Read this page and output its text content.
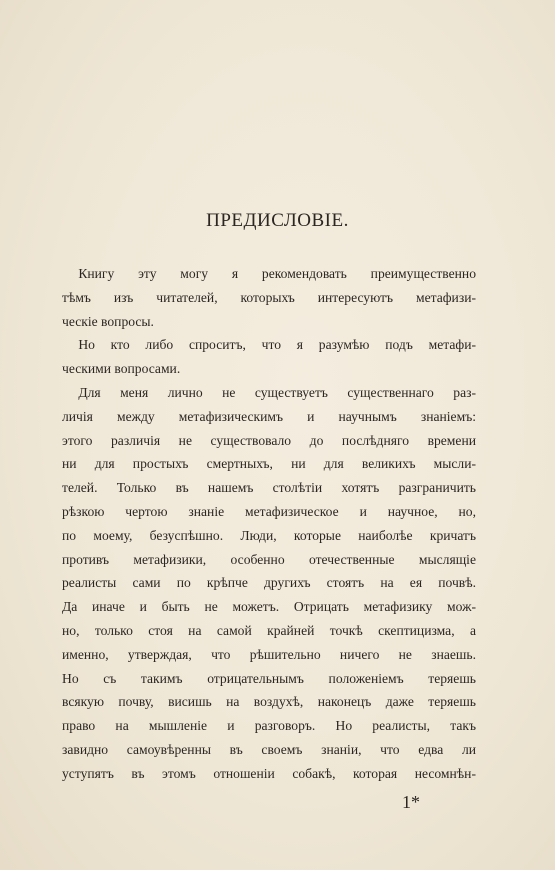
ПРЕДИСЛОВІЕ.
Книгу эту могу я рекомендовать преимущественно
тѣмъ изъ читателей, которыхъ интересуютъ метафизи-
ческіе вопросы.
Но кто либо спроситъ, что я разумѣю подъ метафи-
ческими вопросами.
Для меня лично не существуетъ существеннаго раз-
личія между метафизическимъ и научнымъ знаніемъ:
этого различія не существовало до послѣдняго времени
ни для простыхъ смертныхъ, ни для великихъ мысли-
телей. Только въ нашемъ столѣтіи хотятъ разграничить
рѣзкою чертою знаніе метафизическое и научное, но,
по моему, безуспѣшно. Люди, которые наиболѣе кричатъ
противъ метафизики, особенно отечественные мыслящіе
реалисты сами по крѣпче другихъ стоятъ на ея почвѣ.
Да иначе и быть не можетъ. Отрицать метафизику мож-
но, только стоя на самой крайней точкѣ скептицизма, а
именно, утверждая, что рѣшительно ничего не знаешь.
Но съ такимъ отрицательнымъ положеніемъ теряешь
всякую почву, висишь на воздухѣ, наконецъ даже теряешь
право на мышленіе и разговоръ. Но реалисты, такъ
завидно самоувѣренны въ своемъ знаніи, что едва ли
уступятъ въ этомъ отношеніи собакѣ, которая несомнѣн-
1*
